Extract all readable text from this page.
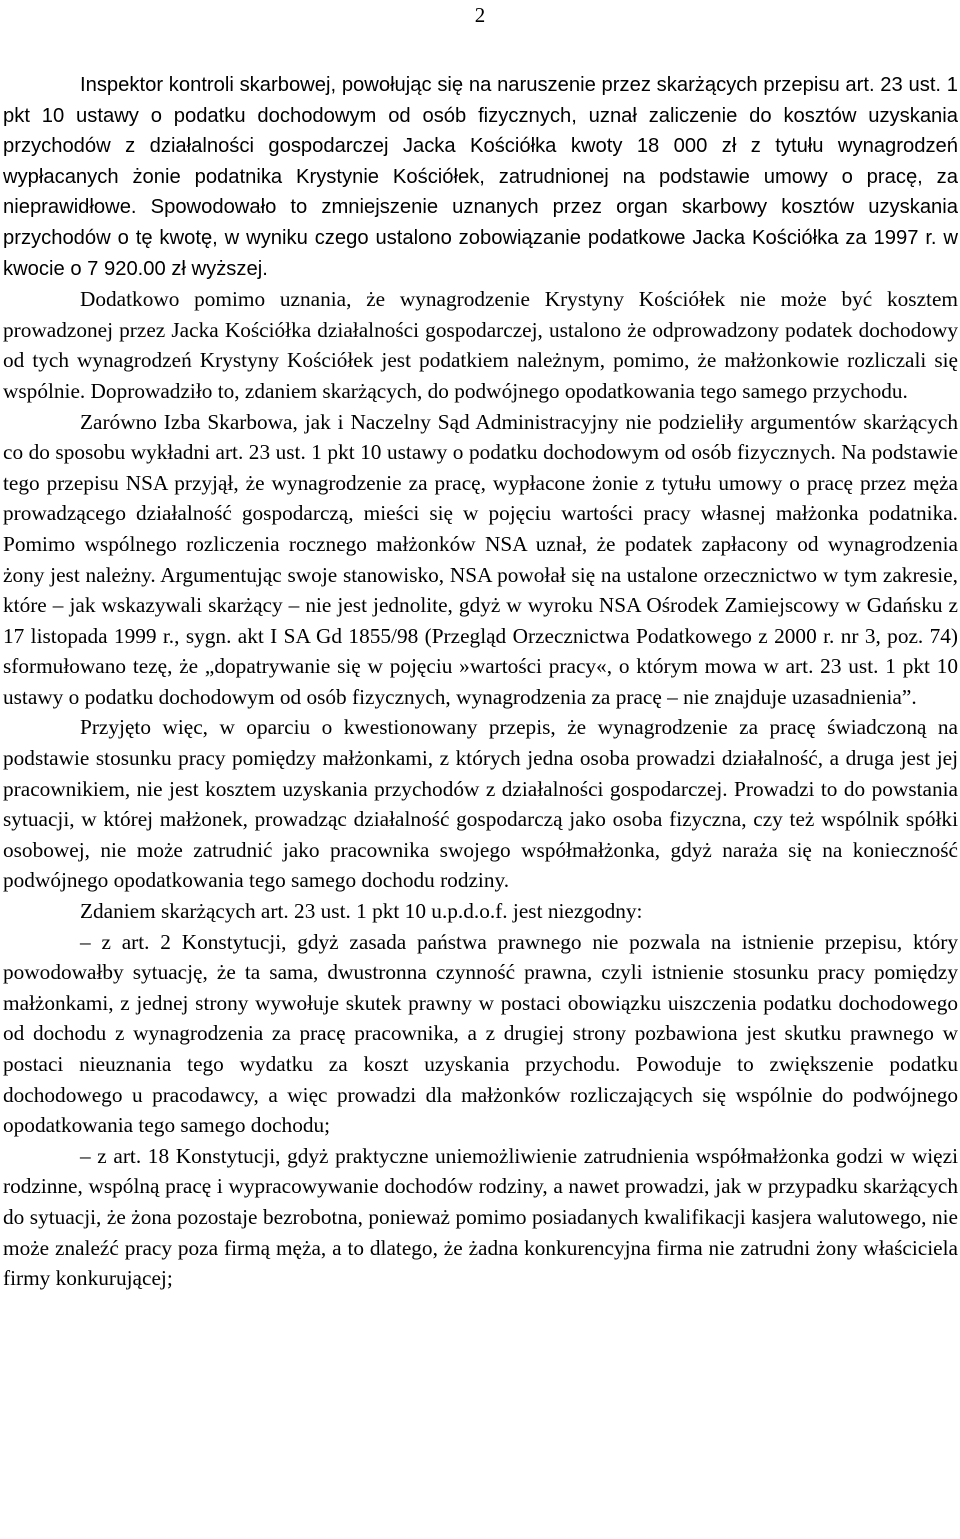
2

Inspektor kontroli skarbowej, powołując się na naruszenie przez skarżących przepisu art. 23 ust. 1 pkt 10 ustawy o podatku dochodowym od osób fizycznych, uznał zaliczenie do kosztów uzyskania przychodów z działalności gospodarczej Jacka Kościółka kwoty 18 000 zł z tytułu wynagrodzeń wypłacanych żonie podatnika Krystynie Kościółek, zatrudnionej na podstawie umowy o pracę, za nieprawidłowe. Spowodowało to zmniejszenie uznanych przez organ skarbowy kosztów uzyskania przychodów o tę kwotę, w wyniku czego ustalono zobowiązanie podatkowe Jacka Kościółka za 1997 r. w kwocie o 7 920.00 zł wyższej.

Dodatkowo pomimo uznania, że wynagrodzenie Krystyny Kościółek nie może być kosztem prowadzonej przez Jacka Kościółka działalności gospodarczej, ustalono że odprowadzony podatek dochodowy od tych wynagrodzeń Krystyny Kościółek jest podatkiem należnym, pomimo, że małżonkowie rozliczali się wspólnie. Doprowadziło to, zdaniem skarżących, do podwójnego opodatkowania tego samego przychodu.

Zarówno Izba Skarbowa, jak i Naczelny Sąd Administracyjny nie podzieliły argumentów skarżących co do sposobu wykładni art. 23 ust. 1 pkt 10 ustawy o podatku dochodowym od osób fizycznych. Na podstawie tego przepisu NSA przyjął, że wynagrodzenie za pracę, wypłacone żonie z tytułu umowy o pracę przez męża prowadzącego działalność gospodarczą, mieści się w pojęciu wartości pracy własnej małżonka podatnika. Pomimo wspólnego rozliczenia rocznego małżonków NSA uznał, że podatek zapłacony od wynagrodzenia żony jest należny. Argumentując swoje stanowisko, NSA powołał się na ustalone orzecznictwo w tym zakresie, które – jak wskazywali skarżący – nie jest jednolite, gdyż w wyroku NSA Ośrodek Zamiejscowy w Gdańsku z 17 listopada 1999 r., sygn. akt I SA Gd 1855/98 (Przegląd Orzecznictwa Podatkowego z 2000 r. nr 3, poz. 74) sformułowano tezę, że „dopatrywanie się w pojęciu »wartości pracy«, o którym mowa w art. 23 ust. 1 pkt 10 ustawy o podatku dochodowym od osób fizycznych, wynagrodzenia za pracę – nie znajduje uzasadnienia”.

Przyjęto więc, w oparciu o kwestionowany przepis, że wynagrodzenie za pracę świadczoną na podstawie stosunku pracy pomiędzy małżonkami, z których jedna osoba prowadzi działalność, a druga jest jej pracownikiem, nie jest kosztem uzyskania przychodów z działalności gospodarczej. Prowadzi to do powstania sytuacji, w której małżonek, prowadząc działalność gospodarczą jako osoba fizyczna, czy też wspólnik spółki osobowej, nie może zatrudnić jako pracownika swojego współmałżonka, gdyż naraża się na konieczność podwójnego opodatkowania tego samego dochodu rodziny.

Zdaniem skarżących art. 23 ust. 1 pkt 10 u.p.d.o.f. jest niezgodny:

– z art. 2 Konstytucji, gdyż zasada państwa prawnego nie pozwala na istnienie przepisu, który powodowałby sytuację, że ta sama, dwustronna czynność prawna, czyli istnienie stosunku pracy pomiędzy małżonkami, z jednej strony wywołuje skutek prawny w postaci obowiązku uiszczenia podatku dochodowego od dochodu z wynagrodzenia za pracę pracownika, a z drugiej strony pozbawiona jest skutku prawnego w postaci nieuznania tego wydatku za koszt uzyskania przychodu. Powoduje to zwiększenie podatku dochodowego u pracodawcy, a więc prowadzi dla małżonków rozliczających się wspólnie do podwójnego opodatkowania tego samego dochodu;

– z art. 18 Konstytucji, gdyż praktyczne uniemożliwienie zatrudnienia współmałżonka godzi w więzi rodzinne, wspólną pracę i wypracowywanie dochodów rodziny, a nawet prowadzi, jak w przypadku skarżących do sytuacji, że żona pozostaje bezrobotna, ponieważ pomimo posiadanych kwalifikacji kasjera walutowego, nie może znaleźć pracy poza firmą męża, a to dlatego, że żadna konkurencyjna firma nie zatrudni żony właściciela firmy konkurującej;
